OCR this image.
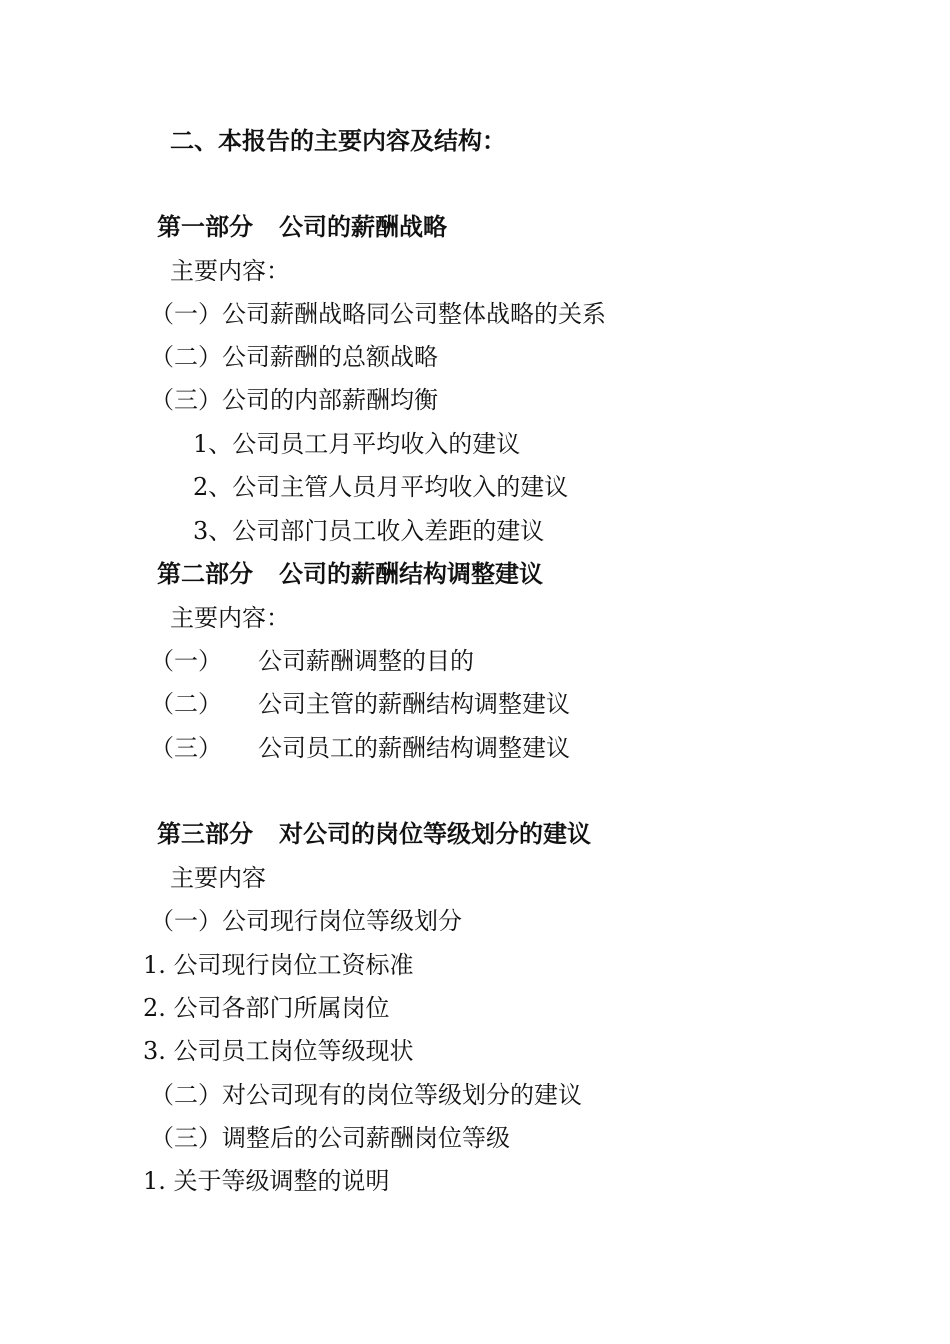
二、本报告的主要内容及结构：
第一部分 公司的薪酬战略
主要内容：
（一）公司薪酬战略同公司整体战略的关系
（二）公司薪酬的总额战略
（三）公司的内部薪酬均衡
1、公司员工月平均收入的建议
2、公司主管人员月平均收入的建议
3、公司部门员工收入差距的建议
第二部分 公司的薪酬结构调整建议
主要内容：
（一） 公司薪酬调整的目的
（二） 公司主管的薪酬结构调整建议
（三） 公司员工的薪酬结构调整建议
第三部分 对公司的岗位等级划分的建议
主要内容
（一）公司现行岗位等级划分
1. 公司现行岗位工资标准
2. 公司各部门所属岗位
3. 公司员工岗位等级现状
（二）对公司现有的岗位等级划分的建议
（三）调整后的公司薪酬岗位等级
1. 关于等级调整的说明
